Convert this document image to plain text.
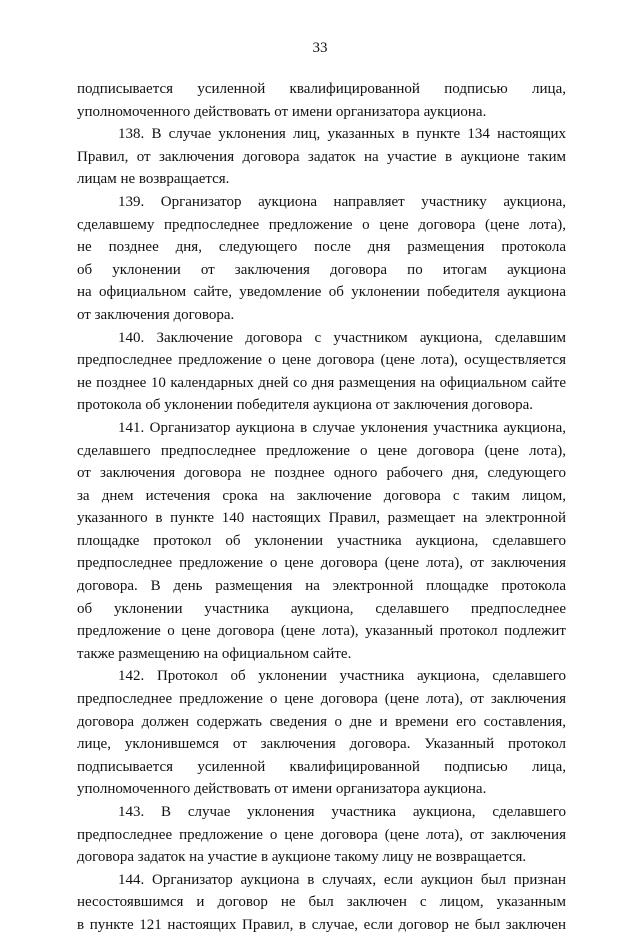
33
подписывается усиленной квалифицированной подписью лица,
уполномоченного действовать от имени организатора аукциона.
138. В случае уклонения лиц, указанных в пункте 134 настоящих
Правил, от заключения договора задаток на участие в аукционе таким
лицам не возвращается.
139. Организатор аукциона направляет участнику аукциона,
сделавшему предпоследнее предложение о цене договора (цене лота),
не позднее дня, следующего после дня размещения протокола
об уклонении от заключения договора по итогам аукциона
на официальном сайте, уведомление об уклонении победителя аукциона
от заключения договора.
140. Заключение договора с участником аукциона, сделавшим
предпоследнее предложение о цене договора (цене лота), осуществляется
не позднее 10 календарных дней со дня размещения на официальном сайте
протокола об уклонении победителя аукциона от заключения договора.
141. Организатор аукциона в случае уклонения участника аукциона,
сделавшего предпоследнее предложение о цене договора (цене лота),
от заключения договора не позднее одного рабочего дня, следующего
за днем истечения срока на заключение договора с таким лицом,
указанного в пункте 140 настоящих Правил, размещает на электронной
площадке протокол об уклонении участника аукциона, сделавшего
предпоследнее предложение о цене договора (цене лота), от заключения
договора. В день размещения на электронной площадке протокола
об уклонении участника аукциона, сделавшего предпоследнее
предложение о цене договора (цене лота), указанный протокол подлежит
также размещению на официальном сайте.
142. Протокол об уклонении участника аукциона, сделавшего
предпоследнее предложение о цене договора (цене лота), от заключения
договора должен содержать сведения о дне и времени его составления,
лице, уклонившемся от заключения договора. Указанный протокол
подписывается усиленной квалифицированной подписью лица,
уполномоченного действовать от имени организатора аукциона.
143. В случае уклонения участника аукциона, сделавшего
предпоследнее предложение о цене договора (цене лота), от заключения
договора задаток на участие в аукционе такому лицу не возвращается.
144. Организатор аукциона в случаях, если аукцион был признан
несостоявшимся и договор не был заключен с лицом, указанным
в пункте 121 настоящих Правил, в случае, если договор не был заключен
